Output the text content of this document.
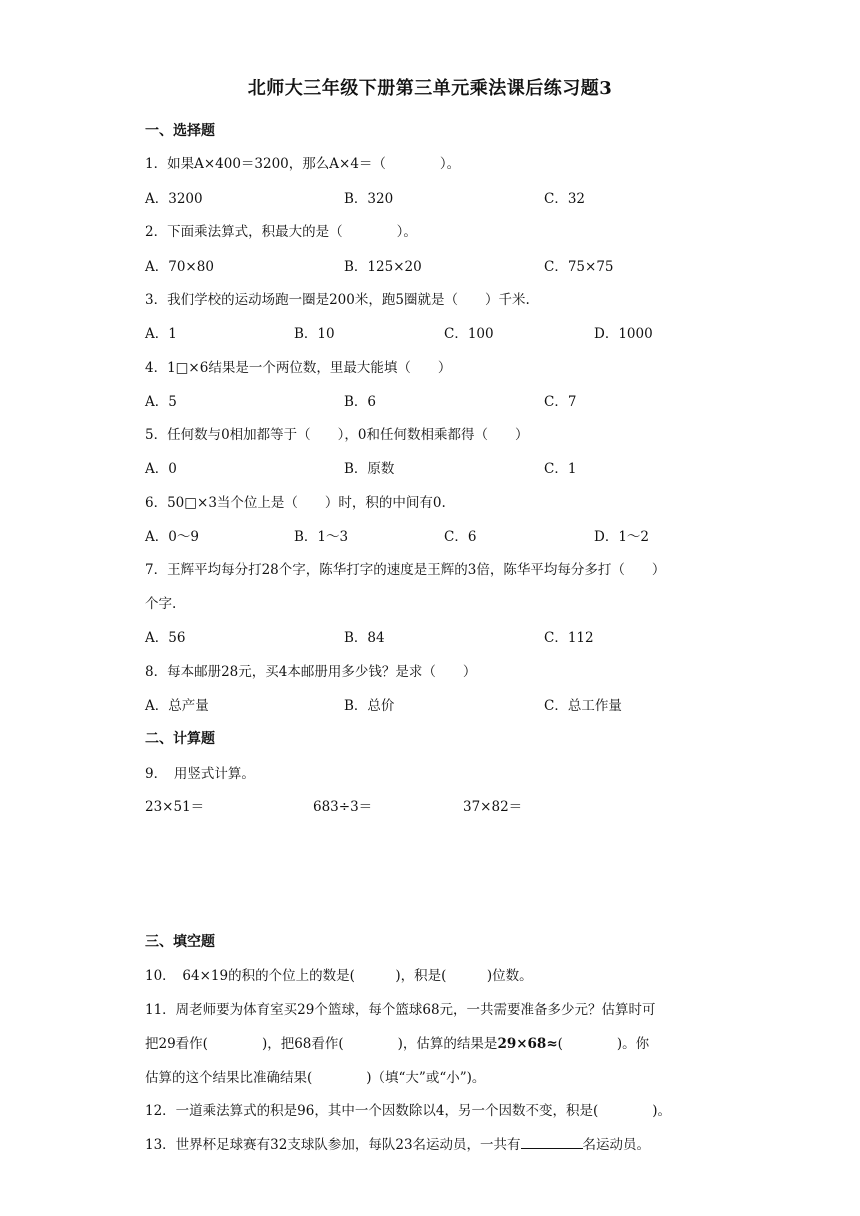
北师大三年级下册第三单元乘法课后练习题3
一、选择题
1．如果A×400＝3200，那么A×4＝（　　　　）。
A．3200	B．320	C．32
2．下面乘法算式，积最大的是（　　　　）。
A．70×80	B．125×20	C．75×75
3．我们学校的运动场跑一圈是200米，跑5圈就是（　　）千米.
A．1	B．10	C．100	D．1000
4．1□×6结果是一个两位数，里最大能填（　　）
A．5	B．6	C．7
5．任何数与0相加都等于（　　），0和任何数相乘都得（　　）
A．0	B．原数	C．1
6．50□×3当个位上是（　　）时，积的中间有0.
A．0～9	B．1～3	C．6	D．1～2
7．王辉平均每分打28个字，陈华打字的速度是王辉的3倍，陈华平均每分多打（　　）
个字.
A．56	B．84	C．112
8．每本邮册28元，买4本邮册用多少钱？是求（　　）
A．总产量	B．总价	C．总工作量
二、计算题
9．　用竖式计算。
23×51＝	683÷3＝	37×82＝
三、填空题
10．　64×19的积的个位上的数是(　　　)，积是(　　　)位数。
11．周老师要为体育室买29个篮球，每个篮球68元，一共需要准备多少元？估算时可
把29看作(　　　　)，把68看作(　　　　)，估算的结果是29×68≈(　　　　)。你
估算的这个结果比准确结果(　　　　)（填“大”或“小”)。
12．一道乘法算式的积是96，其中一个因数除以4，另一个因数不变，积是(　　　　)。
13．世界杯足球赛有32支球队参加，每队23名运动员，一共有	名运动员。
